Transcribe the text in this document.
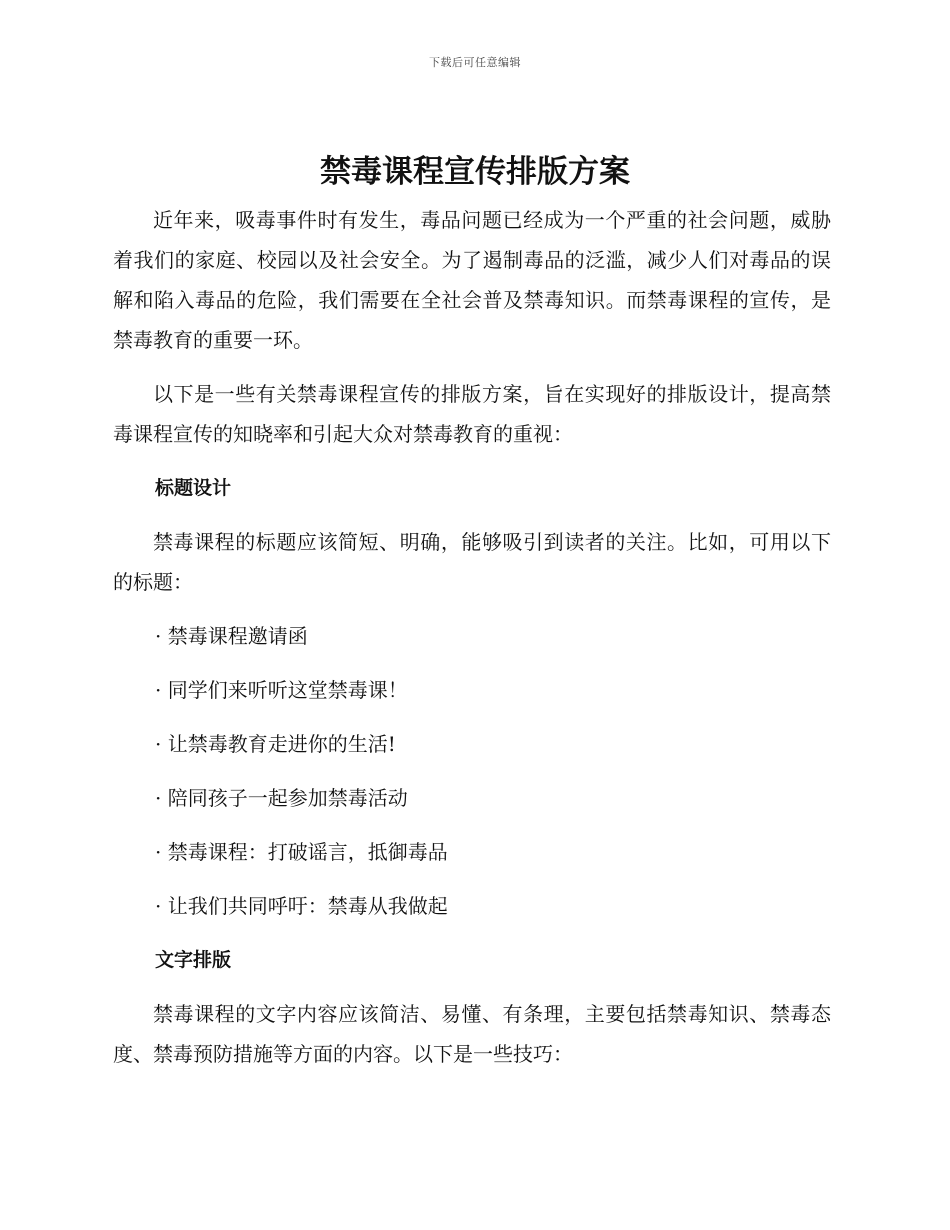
下载后可任意编辑
禁毒课程宣传排版方案

近年来，吸毒事件时有发生，毒品问题已经成为一个严重的社会问题，威胁着我们的家庭、校园以及社会安全。为了遏制毒品的泛滥，减少人们对毒品的误解和陷入毒品的危险，我们需要在全社会普及禁毒知识。而禁毒课程的宣传，是禁毒教育的重要一环。

以下是一些有关禁毒课程宣传的排版方案，旨在实现好的排版设计，提高禁毒课程宣传的知晓率和引起大众对禁毒教育的重视：

标题设计

禁毒课程的标题应该简短、明确，能够吸引到读者的关注。比如，可用以下的标题：

· 禁毒课程邀请函
· 同学们来听听这堂禁毒课！
· 让禁毒教育走进你的生活!
· 陪同孩子一起参加禁毒活动
· 禁毒课程：打破谣言，抵御毒品
· 让我们共同呼吁：禁毒从我做起
文字排版

禁毒课程的文字内容应该简洁、易懂、有条理，主要包括禁毒知识、禁毒态度、禁毒预防措施等方面的内容。以下是一些技巧：
